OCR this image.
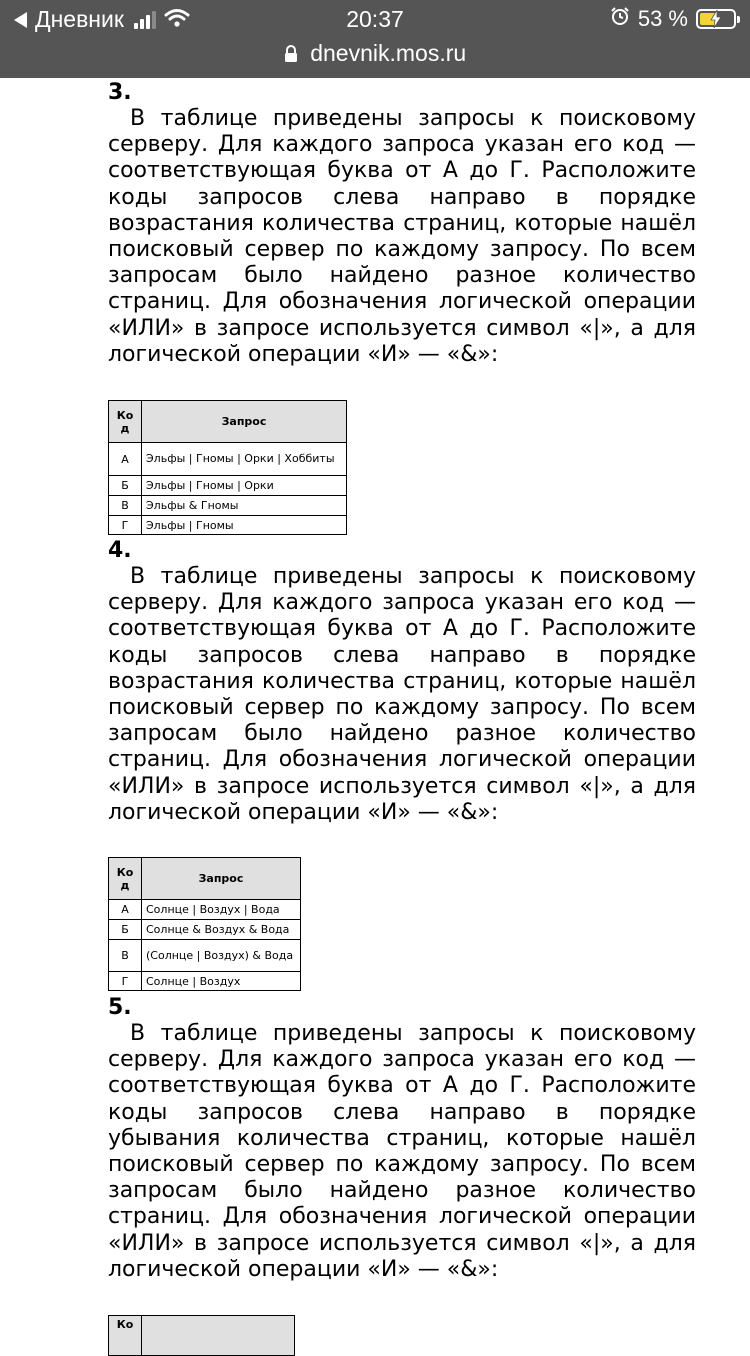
Дневник	20:37	53 %
dnevnik.mos.ru
3.

В таблице приведены запросы к поисковому серверу. Для каждого запроса указан его код — соответствующая буква от А до Г. Расположите коды запросов слева направо в порядке возрастания количества страниц, которые нашёл поисковый сервер по каждому запросу. По всем запросам было найдено разное количество страниц. Для обозначения логической операции «ИЛИ» в запросе используется символ «|», а для логической операции «И» — «&»:

Ко д	Запрос
А	Эльфы | Гномы | Орки | Хоббиты
Б	Эльфы | Гномы | Орки
В	Эльфы & Гномы
Г	Эльфы | Гномы
4.

В таблице приведены запросы к поисковому серверу. Для каждого запроса указан его код — соответствующая буква от А до Г. Расположите коды запросов слева направо в порядке возрастания количества страниц, которые нашёл поисковый сервер по каждому запросу. По всем запросам было найдено разное количество страниц. Для обозначения логической операции «ИЛИ» в запросе используется символ «|», а для логической операции «И» — «&»:

Ко д	Запрос
А	Солнце | Воздух | Вода
Б	Солнце & Воздух & Вода
В	(Солнце | Воздух) & Вода
Г	Солнце | Воздух
5.

В таблице приведены запросы к поисковому серверу. Для каждого запроса указан его код — соответствующая буква от А до Г. Расположите коды запросов слева направо в порядке убывания количества страниц, которые нашёл поисковый сервер по каждому запросу. По всем запросам было найдено разное количество страниц. Для обозначения логической операции «ИЛИ» в запросе используется символ «|», а для логической операции «И» — «&»:

Ко	
